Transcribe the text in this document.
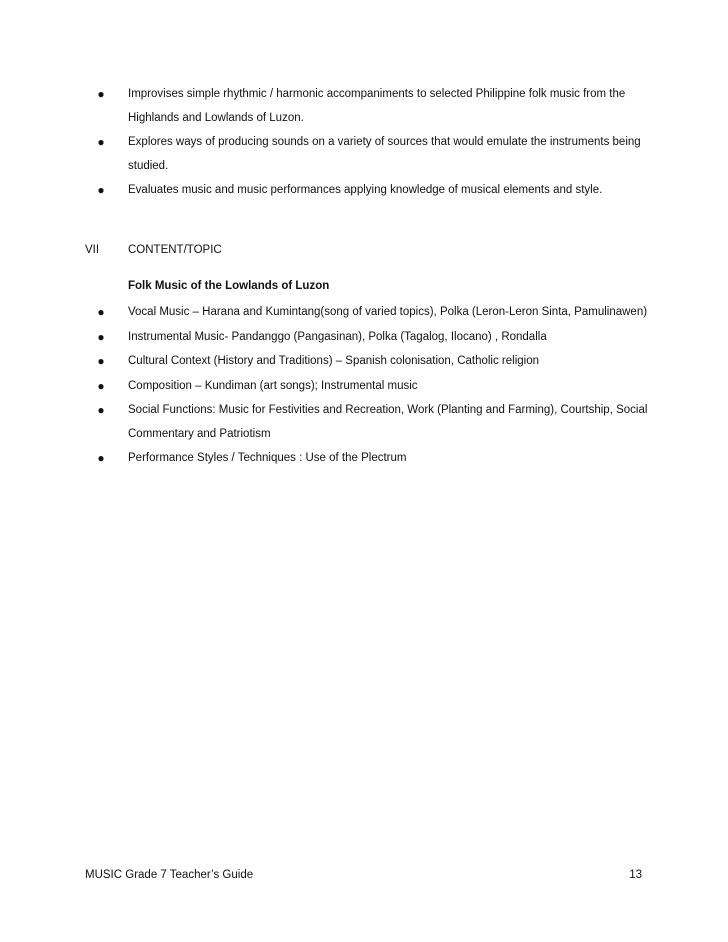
● Improvises simple rhythmic / harmonic accompaniments to selected Philippine folk music from the Highlands and Lowlands of Luzon.
● Explores ways of producing sounds on a variety of sources that would emulate the instruments being studied.
● Evaluates music and music performances applying knowledge of musical elements and style.
VII	CONTENT/TOPIC
Folk Music of the Lowlands of Luzon
● Vocal Music – Harana and Kumintang(song of varied topics), Polka (Leron-Leron Sinta, Pamulinawen)
● Instrumental Music- Pandanggo (Pangasinan), Polka (Tagalog, Ilocano) , Rondalla
● Cultural Context (History and Traditions) – Spanish colonisation, Catholic religion
● Composition – Kundiman (art songs); Instrumental music
● Social Functions: Music for Festivities and Recreation, Work (Planting and Farming), Courtship, Social Commentary and Patriotism
● Performance Styles / Techniques : Use of the Plectrum
MUSIC Grade 7 Teacher’s Guide	13
